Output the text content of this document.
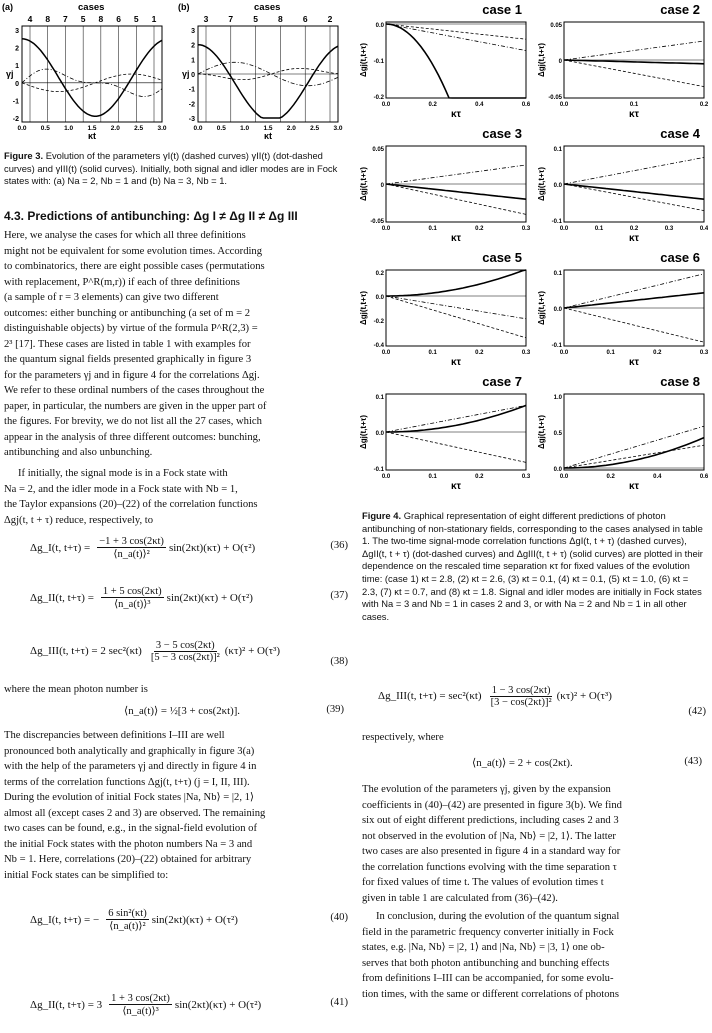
(a)	cases
4 8 7 5 8 6 5 1
3
2
1
0
-1
-2
0.0 0.5 1.0 1.5 2.0 2.5 3.0
γj
κt
(b)	cases
3 7 5 8 6 2
3
2
1
0
-1
-2
-3
0.0 0.5 1.0 1.5 2.0 2.5 3.0
γj
κt
Figure 3. Evolution of the parameters γI(t) (dashed curves) γII(t) (dot-dashed curves) and γIII(t) (solid curves). Initially, both signal and idler modes are in Fock states with: (a) Na = 2, Nb = 1 and (b) Na = 3, Nb = 1.
4.3. Predictions of antibunching: Δg I ≠ Δg II ≠ Δg III
Here, we analyse the cases for which all three definitions
might not be equivalent for some evolution times. According
to combinatorics, there are eight possible cases (permutations
with replacement, P^R(m,r)) if each of three definitions
(a sample of r = 3 elements) can give two different
outcomes: either bunching or antibunching (a set of m = 2
distinguishable objects) by virtue of the formula P^R(2,3) =
2³ [17]. These cases are listed in table 1 with examples for
the quantum signal fields presented graphically in figure 3
for the parameters γj and in figure 4 for the correlations Δgj.
We refer to these ordinal numbers of the cases throughout the
paper, in particular, the numbers are given in the upper part of
the figures. For brevity, we do not list all the 27 cases, which
appear in the analysis of three different outcomes: bunching,
antibunching and also unbunching.
If initially, the signal mode is in a Fock state with
Na = 2, and the idler mode in a Fock state with Nb = 1,
the Taylor expansions (20)–(22) of the correlation functions
Δgj(t, t + τ) reduce, respectively, to
Δg_I(t, $t+\tau) = \frac{-1 + 3 \cos(2\kappa t)}{\text{⟨n\_a(t)⟩²}} \sin(2\kappa t)(\kappa\tau) + O(\tau^2)$	(36)
Δg_II(t, $t+\tau) = \frac{1 + 5 \cos(2\kappa t)}{\text{⟨n\_a(t)⟩³}} \sin(2\kappa t)(\kappa\tau) + O(\tau^2)$	(37)
Δg_III(t, t+τ) = 2 $\sec^2(\kappa t) \frac{3 - 5 \cos(2\kappa t)}{\text{[5 − 3 cos(2κt)]²}} (\kappa\tau)^2 + O(\tau^3)$
(38)
where the mean photon number is
⟨n_a(t)⟩ = ½[3 + cos(2κt)].	(39)
The discrepancies between definitions I–III are well
pronounced both analytically and graphically in figure 3(a)
with the help of the parameters γj and directly in figure 4 in
terms of the correlation functions Δgj(t, t+τ) (j = I, II, III).
During the evolution of initial Fock states |Na, Nb⟩ = |2, 1⟩
almost all (except cases 2 and 3) are observed. The remaining
two cases can be found, e.g., in the signal-field evolution of
the initial Fock states with the photon numbers Na = 3 and
Nb = 1. Here, correlations (20)–(22) obtained for arbitrary
initial Fock states can be simplified to:
Δg_I(t, t+τ) = − $\frac{\text{6 sin²(κt)}}{\text{⟨n\_a(t)⟩²}} \sin(2\kappa t)(\kappa\tau) + O(\tau^2)$	(40)
Δg_II(t, $t+\tau) = 3 \frac{1 + 3 \cos(2\kappa t)}{\text{⟨n\_a(t)⟩³}} \sin(2\kappa t)(\kappa\tau) + O(\tau^2)$	(41)
case 1
0.0
-0.1
-0.2
0.0	0.2	0.4	0.6
Δgj(t,t+τ)
κτ
case 2
0.05
0
-0.05
0.0	0.1	0.2
Δgj(t,t+τ)
κτ
case 3
0.05
0
-0.05
0.0	0.1	0.2	0.3
Δgj(t,t+τ)
κτ
case 4
0.1
0.0
-0.1
0.0	0.1	0.2	0.3	0.4
Δgj(t,t+τ)
κτ
case 5
0.2
0.0
-0.2
-0.4
0.0	0.1	0.2	0.3
Δgj(t,t+τ)
κτ
case 6
0.1
0.0
-0.1
0.0	0.1	0.2	0.3
Δgj(t,t+τ)
κτ
case 7
0.1
0.0
-0.1
0.0	0.1	0.2	0.3
Δgj(t,t+τ)
κτ
case 8
1.0
0.5
0.0
0.0	0.2	0.4	0.6
Δgj(t,t+τ)
κτ
Figure 4. Graphical representation of eight different predictions of photon antibunching of non-stationary fields, corresponding to the cases analysed in table 1. The two-time signal-mode correlation functions ΔgI(t, t + τ) (dashed curves), ΔgII(t, t + τ) (dot-dashed curves) and ΔgIII(t, t + τ) (solid curves) are plotted in their dependence on the rescaled time separation κτ for fixed values of the evolution time: (case 1) κt = 2.8, (2) κt = 2.6, (3) κt = 0.1, (4) κt = 0.1, (5) κt = 1.0, (6) κt = 2.3, (7) κt = 0.7, and (8) κt = 1.8. Signal and idler modes are initially in Fock states with Na = 3 and Nb = 1 in cases 2 and 3, or with Na = 2 and Nb = 1 in all other cases.
Δg_III(t, $t+\tau) = \sec^2(\kappa t) \frac{1 - 3 \cos(2\kappa t)}{\text{[3 − cos(2κt)]²}} (\kappa\tau)^2 + O(\tau^3)$
(42)
respectively, where
⟨n_a(t)⟩ = 2 + cos(2κt).	(43)
The evolution of the parameters γj, given by the expansion
coefficients in (40)–(42) are presented in figure 3(b). We find
six out of eight different predictions, including cases 2 and 3
not observed in the evolution of |Na, Nb⟩ = |2, 1⟩. The latter
two cases are also presented in figure 4 in a standard way for
the correlation functions evolving with the time separation τ
for fixed values of time t. The values of evolution times t
given in table 1 are calculated from (36)–(42).
In conclusion, during the evolution of the quantum signal
field in the parametric frequency converter initially in Fock
states, e.g. |Na, Nb⟩ = |2, 1⟩ and |Na, Nb⟩ = |3, 1⟩ one ob-
serves that both photon antibunching and bunching effects
from definitions I–III can be accompanied, for some evolu-
tion times, with the same or different correlations of photons
